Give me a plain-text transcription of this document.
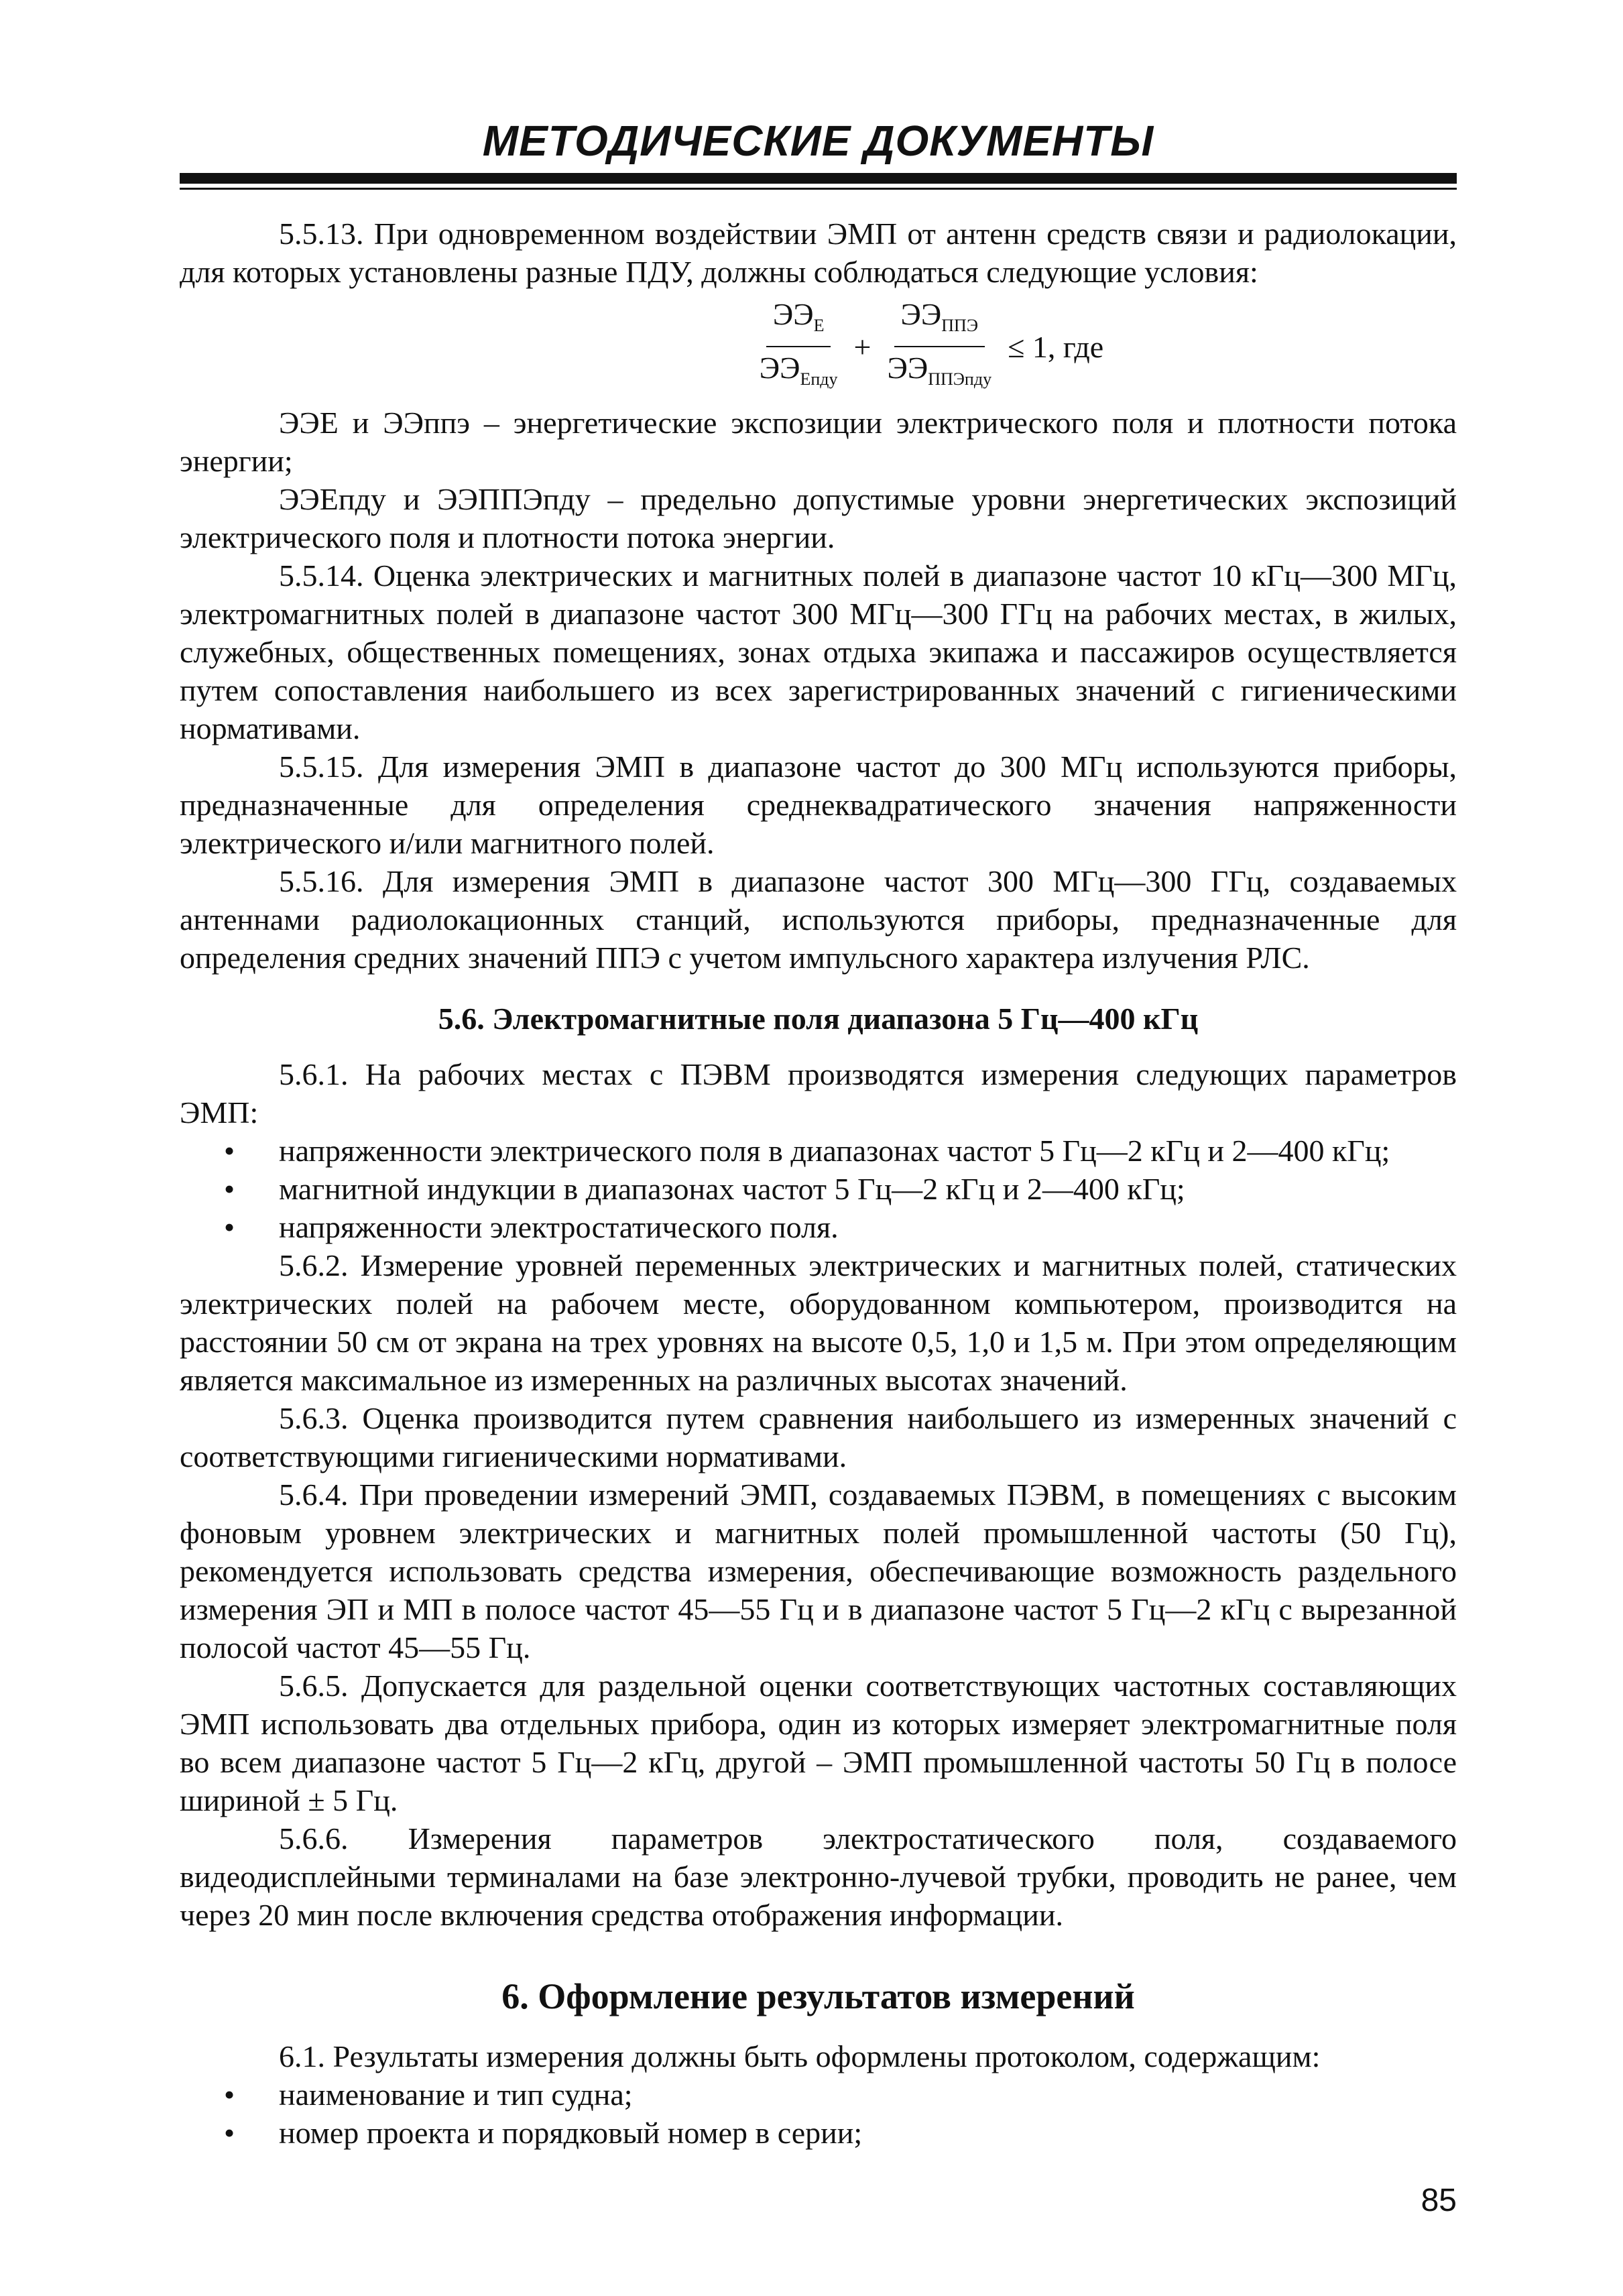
МЕТОДИЧЕСКИЕ ДОКУМЕНТЫ

5.5.13. При одновременном воздействии ЭМП от антенн средств связи и радиолокации, для которых установлены разные ПДУ, должны соблюдаться следующие условия:

$\frac{ЭЭ_Е}{ЭЭ_{Епду}} + \frac{ЭЭ_{ППЭ}}{ЭЭ_{ППЭпду}} \le 1$, где

ЭЭЕ и ЭЭппэ – энергетические экспозиции электрического поля и плотности потока энергии;

ЭЭЕпду и ЭЭППЭпду – предельно допустимые уровни энергетических экспозиций электрического поля и плотности потока энергии.

5.5.14. Оценка электрических и магнитных полей в диапазоне частот 10 кГц—300 МГц, электромагнитных полей в диапазоне частот 300 МГц—300 ГГц на рабочих местах, в жилых, служебных, общественных помещениях, зонах отдыха экипажа и пассажиров осуществляется путем сопоставления наибольшего из всех зарегистрированных значений с гигиеническими нормативами.

5.5.15. Для измерения ЭМП в диапазоне частот до 300 МГц используются приборы, предназначенные для определения среднеквадратического значения напряженности электрического и/или магнитного полей.

5.5.16. Для измерения ЭМП в диапазоне частот 300 МГц—300 ГГц, создаваемых антеннами радиолокационных станций, используются приборы, предназначенные для определения средних значений ППЭ с учетом импульсного характера излучения РЛС.

5.6. Электромагнитные поля диапазона 5 Гц—400 кГц

5.6.1. На рабочих местах с ПЭВМ производятся измерения следующих параметров ЭМП:

• напряженности электрического поля в диапазонах частот 5 Гц—2 кГц и 2—400 кГц;

• магнитной индукции в диапазонах частот 5 Гц—2 кГц и 2—400 кГц;

• напряженности электростатического поля.

5.6.2. Измерение уровней переменных электрических и магнитных полей, статических электрических полей на рабочем месте, оборудованном компьютером, производится на расстоянии 50 см от экрана на трех уровнях на высоте 0,5, 1,0 и 1,5 м. При этом определяющим является максимальное из измеренных на различных высотах значений.

5.6.3. Оценка производится путем сравнения наибольшего из измеренных значений с соответствующими гигиеническими нормативами.

5.6.4. При проведении измерений ЭМП, создаваемых ПЭВМ, в помещениях с высоким фоновым уровнем электрических и магнитных полей промышленной частоты (50 Гц), рекомендуется использовать средства измерения, обеспечивающие возможность раздельного измерения ЭП и МП в полосе частот 45—55 Гц и в диапазоне частот 5 Гц—2 кГц с вырезанной полосой частот 45—55 Гц.

5.6.5. Допускается для раздельной оценки соответствующих частотных составляющих ЭМП использовать два отдельных прибора, один из которых измеряет электромагнитные поля во всем диапазоне частот 5 Гц—2 кГц, другой – ЭМП промышленной частоты 50 Гц в полосе шириной ± 5 Гц.

5.6.6. Измерения параметров электростатического поля, создаваемого видеодисплейными терминалами на базе электронно-лучевой трубки, проводить не ранее, чем через 20 мин после включения средства отображения информации.

6. Оформление результатов измерений

6.1. Результаты измерения должны быть оформлены протоколом, содержащим:

• наименование и тип судна;

• номер проекта и порядковый номер в серии;

85
